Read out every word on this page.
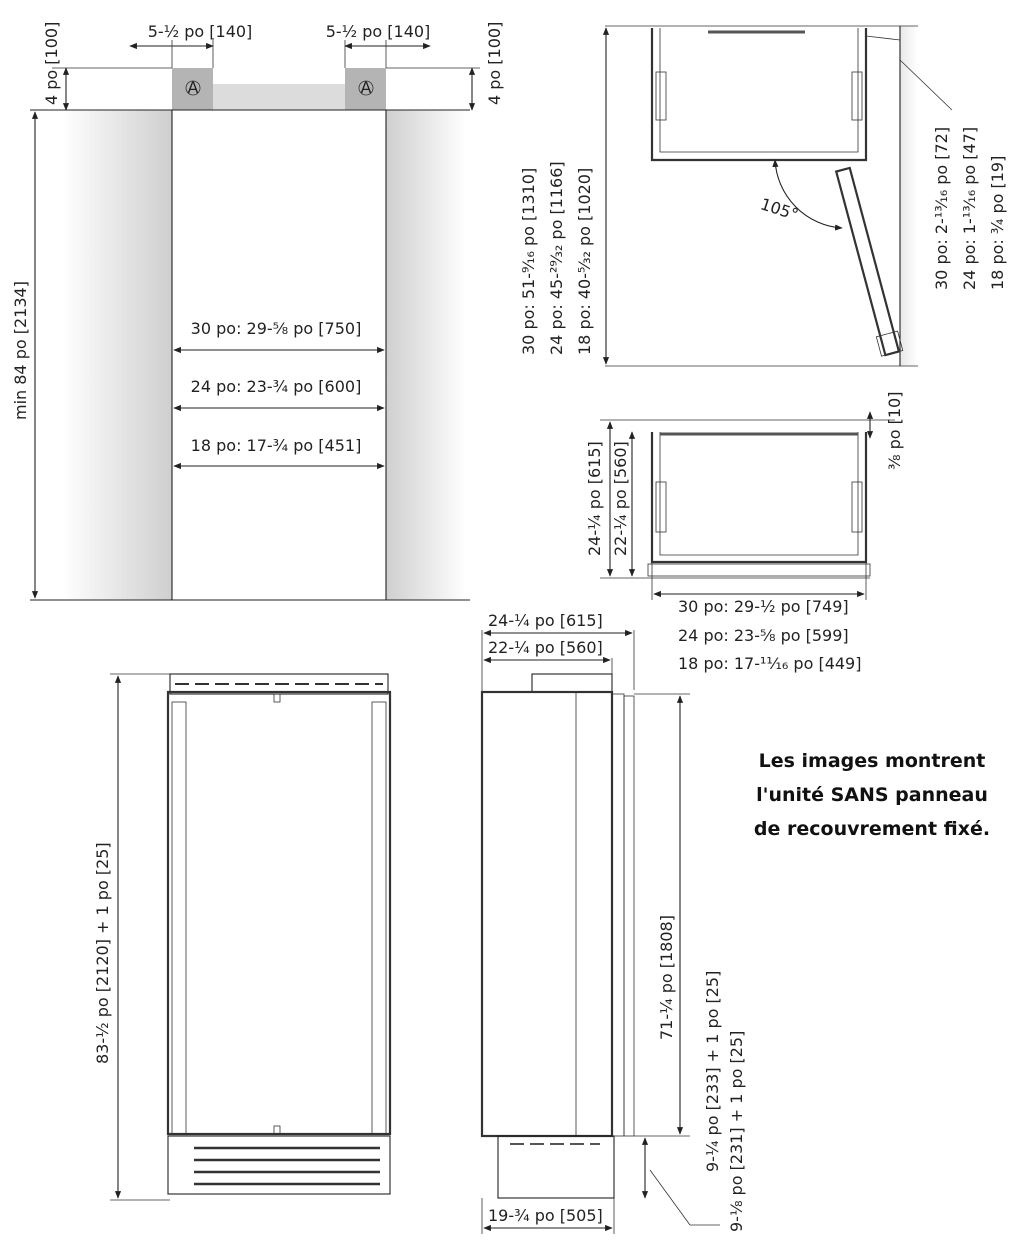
A	A
5-½ po [140]	5-½ po [140]
4 po [100]	4 po [100]
min 84 po [2134]	30 po: 29-⅝ po [750]
24 po: 23-¾ po [600]
18 po: 17-¾ po [451]
105°
30 po: 51-⁹⁄₁₆ po [1310] 24 po: 45-²⁹⁄₃₂ po [1166] 18 po: 40-⁵⁄₃₂ po [1020]	30 po: 2-¹³⁄₁₆ po [72] 24 po: 1-¹³⁄₁₆ po [47] 18 po: ¾ po [19]
24-¼ po [615] 22-¼ po [560]
⅜ po [10]
30 po: 29-½ po [749]
24 po: 23-⅝ po [599]
18 po: 17-¹¹⁄₁₆ po [449]
83-½ po [2120] + 1 po [25]
24-¼ po [615]
22-¼ po [560]
71-¼ po [1808] 9-¼ po [233] + 1 po [25] 9-⅛ po [231] + 1 po [25]
19-¾ po [505]
Les images montrent
l'unité SANS panneau
de recouvrement fixé.
